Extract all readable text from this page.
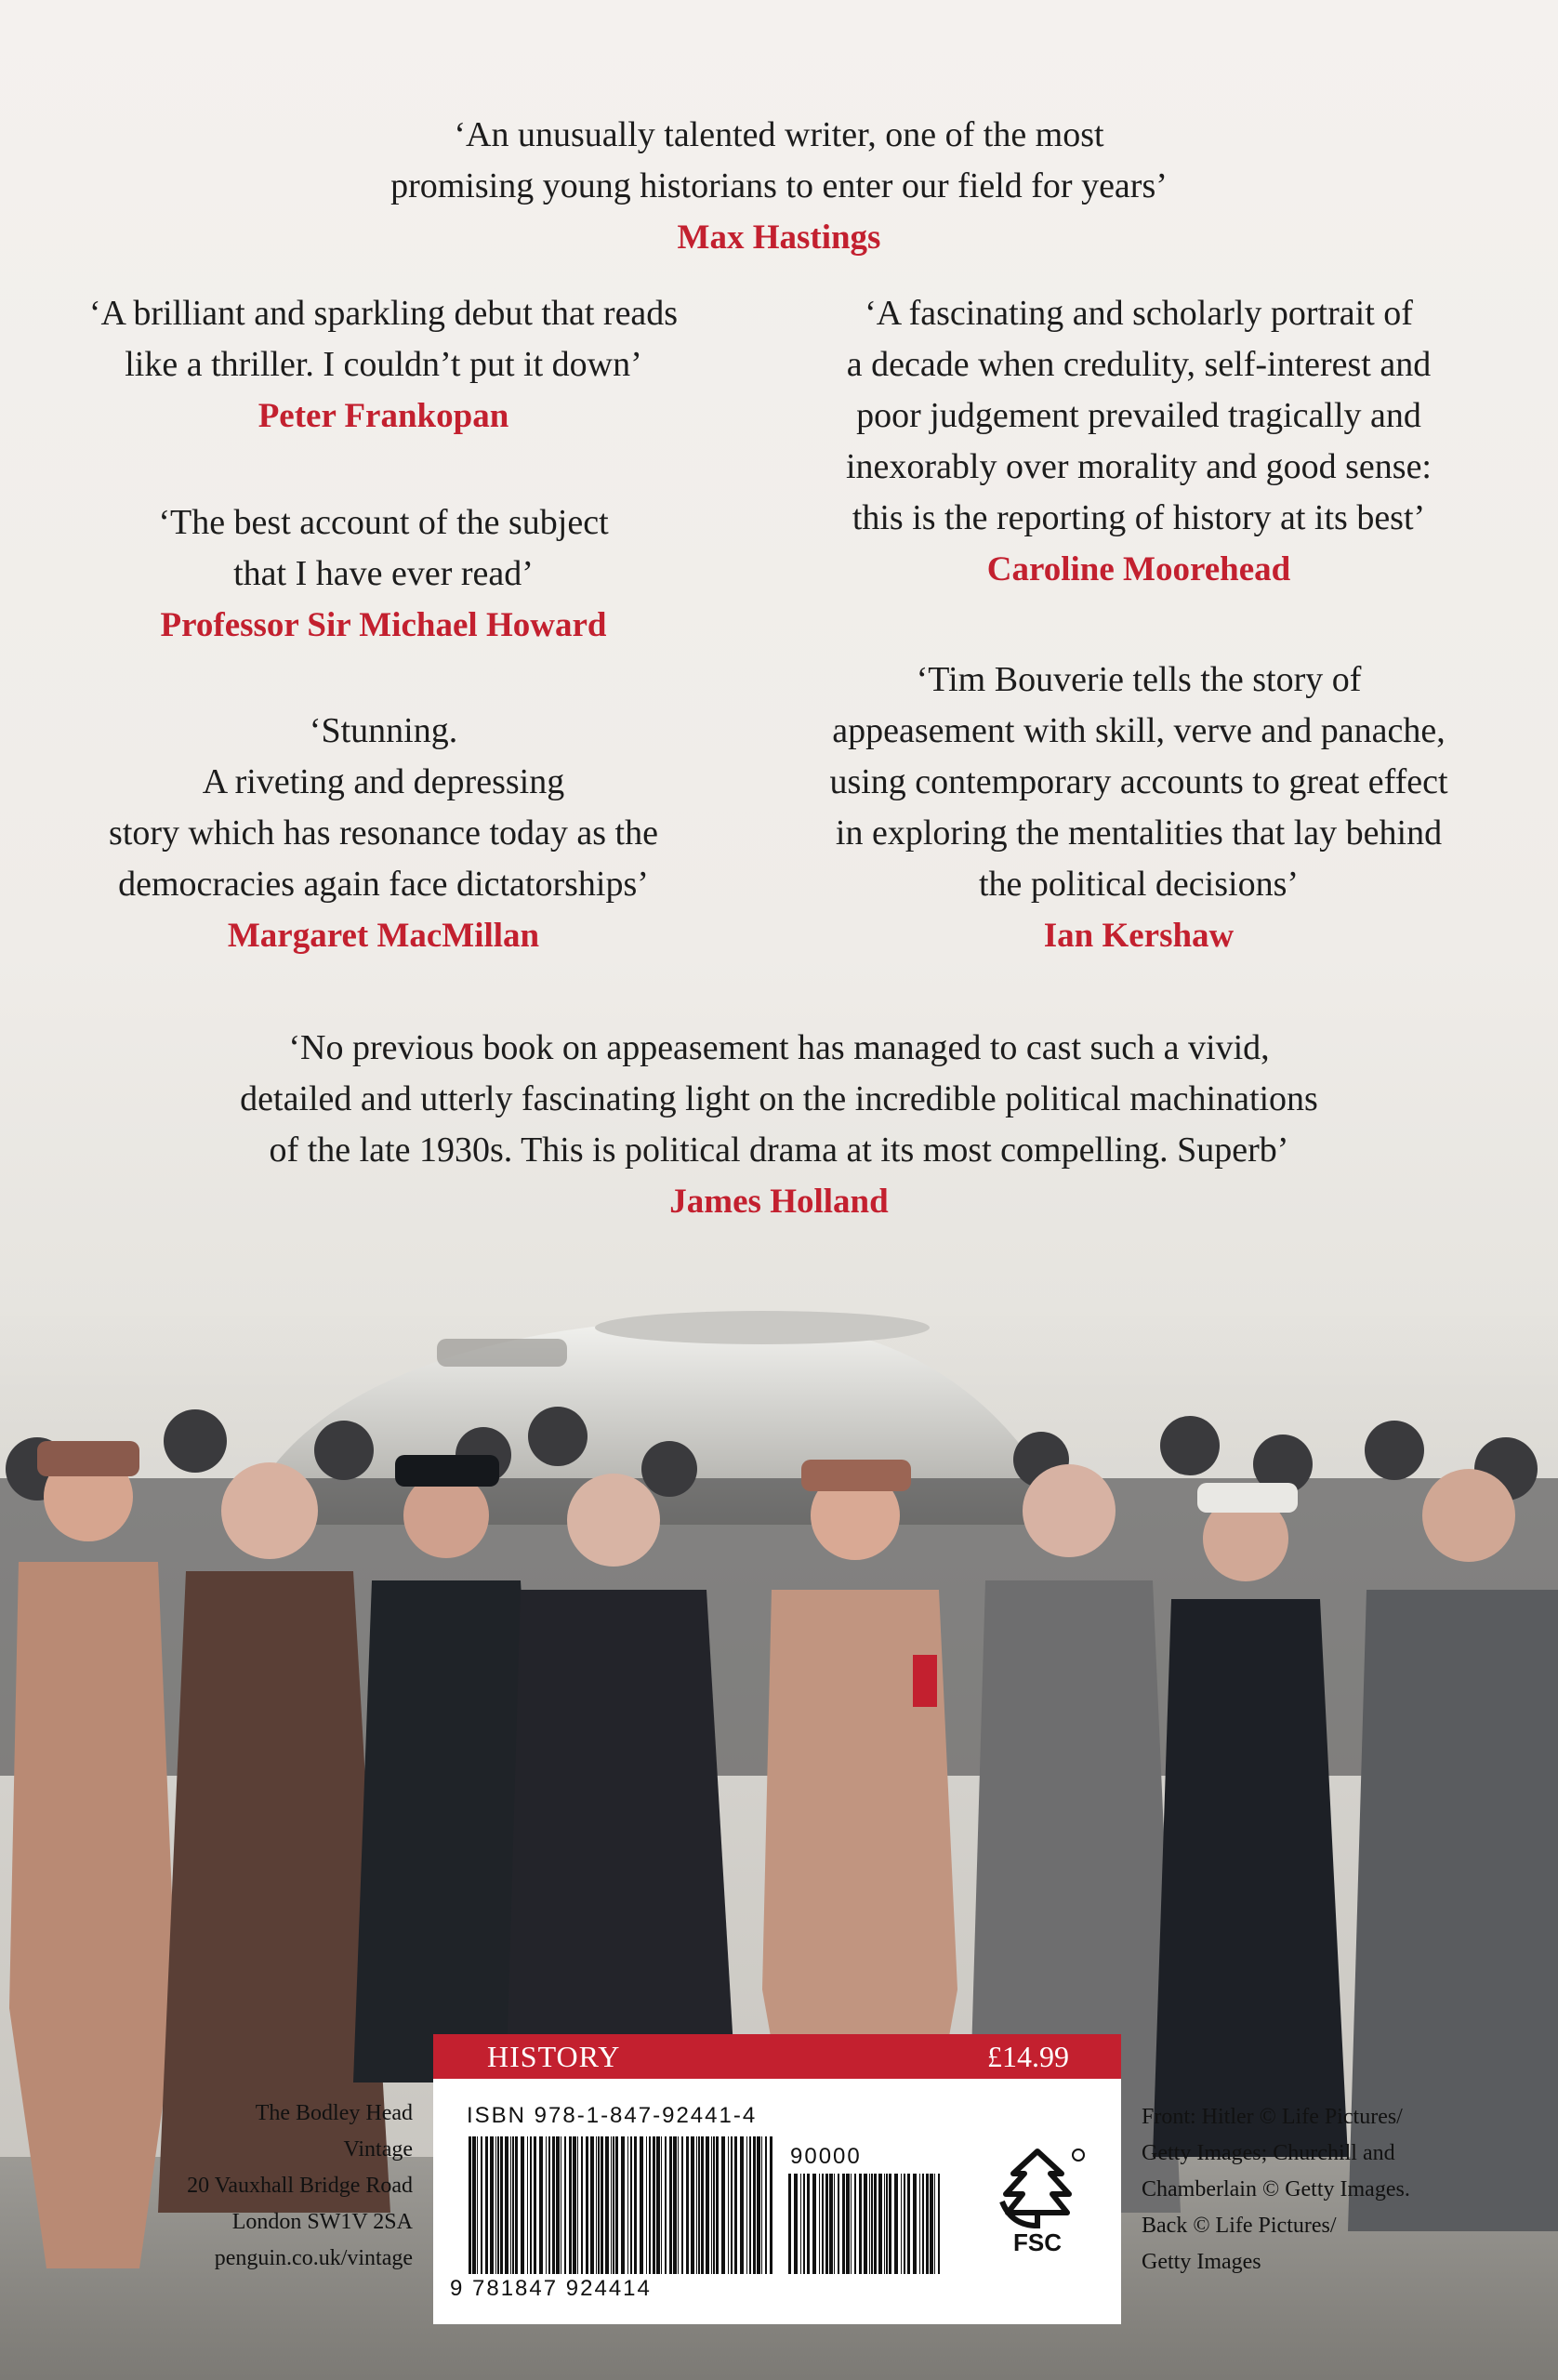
‘An unusually talented writer, one of the most
promising young historians to enter our field for years’
Max Hastings
‘A brilliant and sparkling debut that reads
like a thriller. I couldn’t put it down’
Peter Frankopan
‘The best account of the subject
that I have ever read’
Professor Sir Michael Howard
‘Stunning.
A riveting and depressing
story which has resonance today as the
democracies again face dictatorships’
Margaret MacMillan
‘A fascinating and scholarly portrait of
a decade when credulity, self-interest and
poor judgement prevailed tragically and
inexorably over morality and good sense:
this is the reporting of history at its best’
Caroline Moorehead
‘Tim Bouverie tells the story of
appeasement with skill, verve and panache,
using contemporary accounts to great effect
in exploring the mentalities that lay behind
the political decisions’
Ian Kershaw
‘No previous book on appeasement has managed to cast such a vivid,
detailed and utterly fascinating light on the incredible political machinations
of the late 1930s. This is political drama at its most compelling. Superb’
James Holland
The Bodley Head
Vintage
20 Vauxhall Bridge Road
London SW1V 2SA
penguin.co.uk/vintage
HISTORY	£14.99
ISBN 978-1-847-92441-4
9 781847 924414
90000
FSC
Front: Hitler © Life Pictures/
Getty Images; Churchill and
Chamberlain © Getty Images.
Back © Life Pictures/
Getty Images
